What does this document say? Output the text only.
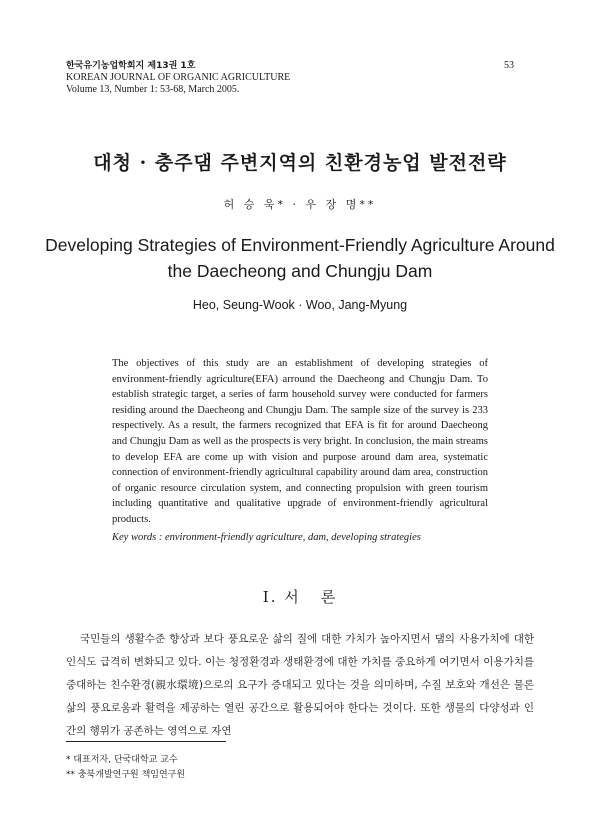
한국유기농업학회지 제13권 1호
KOREAN JOURNAL OF ORGANIC AGRICULTURE
Volume 13, Number 1: 53-68, March 2005.
53
대청 · 충주댐 주변지역의 친환경농업 발전전략
허 승 욱* · 우 장 명**
Developing Strategies of Environment-Friendly Agriculture Around
the Daecheong and Chungju Dam
Heo, Seung-Wook · Woo, Jang-Myung

The objectives of this study are an establishment of developing strategies of environment-friendly agriculture(EFA) arround the Daecheong and Chungju Dam. To establish strategic target, a series of farm household survey were conducted for farmers residing around the Daecheong and Chungju Dam. The sample size of the survey is 233 respectively. As a result, the farmers recognized that EFA is fit for around Daecheong and Chungju Dam as well as the prospects is very bright. In conclusion, the main streams to develop EFA are come up with vision and purpose around dam area, systematic connection of environment-friendly agricultural capability around dam area, construction of organic resource circulation system, and connecting propulsion with green tourism including quantitative and qualitative upgrade of environment-friendly agricultural products.

Key words : environment-friendly agriculture, dam, developing strategies
I. 서 론

국민들의 생활수준 향상과 보다 풍요로운 삶의 질에 대한 가치가 높아지면서 댐의 사용가치에 대한 인식도 급격히 변화되고 있다. 이는 청정환경과 생태환경에 대한 가치를 중요하게 여기면서 이용가치를 중대하는 친수환경(親水環境)으로의 요구가 증대되고 있다는 것을 의미하며, 수질 보호와 개선은 물론 삶의 풍요로움과 활력을 제공하는 열린 공간으로 활용되어야 한다는 것이다. 또한 생물의 다양성과 인간의 행위가 공존하는 영역으로 자연

* 대표저자, 단국대학교 교수
** 충북개발연구원 책임연구원
